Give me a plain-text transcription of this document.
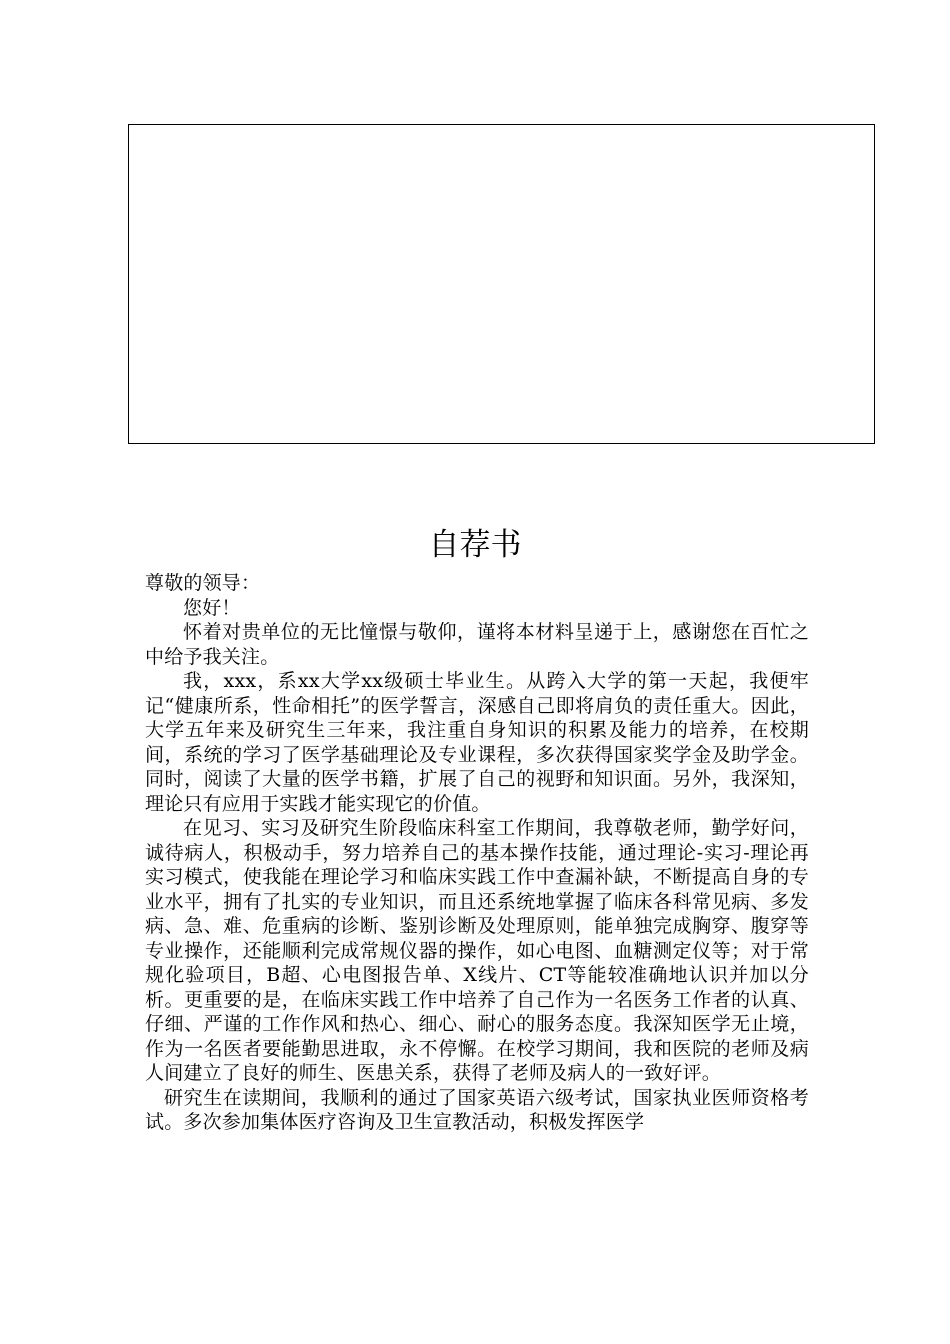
自荐书

尊敬的领导：

您好！

怀着对贵单位的无比憧憬与敬仰，谨将本材料呈递于上，感谢您在百忙之中给予我关注。

我，xxx，系xx大学xx级硕士毕业生。从跨入大学的第一天起，我便牢记“健康所系，性命相托”的医学誓言，深感自己即将肩负的责任重大。因此，大学五年来及研究生三年来，我注重自身知识的积累及能力的培养，在校期间，系统的学习了医学基础理论及专业课程，多次获得国家奖学金及助学金。同时，阅读了大量的医学书籍，扩展了自己的视野和知识面。另外，我深知，理论只有应用于实践才能实现它的价值。

在见习、实习及研究生阶段临床科室工作期间，我尊敬老师，勤学好问，诚待病人，积极动手，努力培养自己的基本操作技能，通过理论-实习-理论再实习模式，使我能在理论学习和临床实践工作中查漏补缺，不断提高自身的专业水平，拥有了扎实的专业知识，而且还系统地掌握了临床各科常见病、多发病、急、难、危重病的诊断、鉴别诊断及处理原则，能单独完成胸穿、腹穿等专业操作，还能顺利完成常规仪器的操作，如心电图、血糖测定仪等；对于常规化验项目，B超、心电图报告单、X线片、CT等能较准确地认识并加以分析。更重要的是，在临床实践工作中培养了自己作为一名医务工作者的认真、仔细、严谨的工作作风和热心、细心、耐心的服务态度。我深知医学无止境，作为一名医者要能勤思进取，永不停懈。在校学习期间，我和医院的老师及病人间建立了良好的师生、医患关系，获得了老师及病人的一致好评。

研究生在读期间，我顺利的通过了国家英语六级考试，国家执业医师资格考试。多次参加集体医疗咨询及卫生宣教活动，积极发挥医学
